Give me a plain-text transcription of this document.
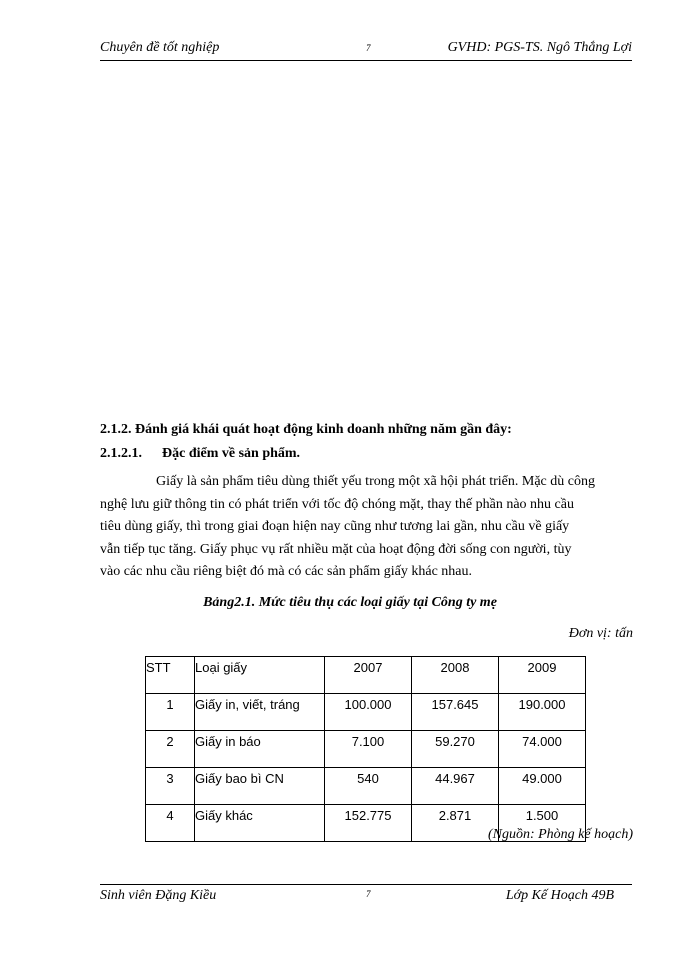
Chuyên đề tốt nghiệp	7	GVHD: PGS-TS. Ngô Thắng Lợi
2.1.2. Đánh giá khái quát hoạt động kinh doanh những năm gần đây:
2.1.2.1. Đặc điểm về sản phẩm.
Giấy là sản phẩm tiêu dùng thiết yếu trong một xã hội phát triển. Mặc dù công
nghệ lưu giữ thông tin có phát triển với tốc độ chóng mặt, thay thế phần nào nhu cầu
tiêu dùng giấy, thì trong giai đoạn hiện nay cũng như tương lai gần, nhu cầu về giấy
vẫn tiếp tục tăng. Giấy phục vụ rất nhiều mặt của hoạt động đời sống con người, tùy
vào các nhu cầu riêng biệt đó mà có các sản phẩm giấy khác nhau.
Bảng2.1. Mức tiêu thụ các loại giấy tại Công ty mẹ
Đơn vị: tấn
STT	Loại giấy	2007	2008	2009
1	Giấy in, viết, tráng	100.000	157.645	190.000
2	Giấy in báo	7.100	59.270	74.000
3	Giấy bao bì CN	540	44.967	49.000
4	Giấy khác	152.775	2.871	1.500
(Nguồn: Phòng kế hoạch)
Sinh viên Đặng Kiều	7	Lớp Kế Hoạch 49B
